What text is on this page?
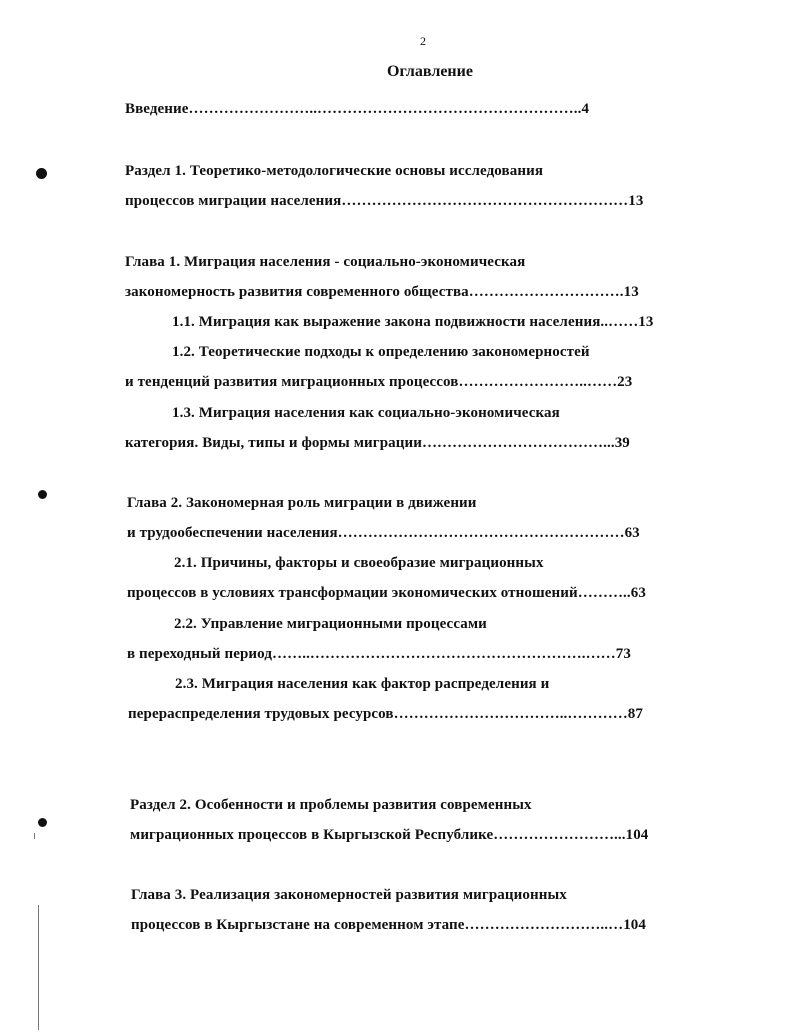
2
Оглавление
Введение……………………..……………………………………………..4
Раздел 1. Теоретико-методологические основы исследования
процессов миграции населения…………………………………………………13
Глава 1. Миграция населения - социально-экономическая
закономерность развития современного общества………………………….13
1.1. Миграция как выражение закона подвижности населения..……13
1.2. Теоретические подходы к определению закономерностей
и тенденций развития миграционных процессов……………………..……23
1.3. Миграция населения как социально-экономическая
категория. Виды, типы и формы миграции………………………………...39
Глава 2. Закономерная роль миграции в движении
и трудообеспечении населения…………………………………………………63
2.1. Причины, факторы и своеобразие миграционных
процессов в условиях трансформации экономических отношений………..63
2.2. Управление миграционными процессами
в переходный период……..……………………………………………….……73
2.3. Миграция населения как фактор распределения и
перераспределения трудовых ресурсов……………………………..…………87
Раздел 2. Особенности и проблемы развития современных
миграционных процессов в Кыргызской Республике……………………...104
Глава 3. Реализация закономерностей развития миграционных
процессов в Кыргызстане на современном этапе………………………..…104
